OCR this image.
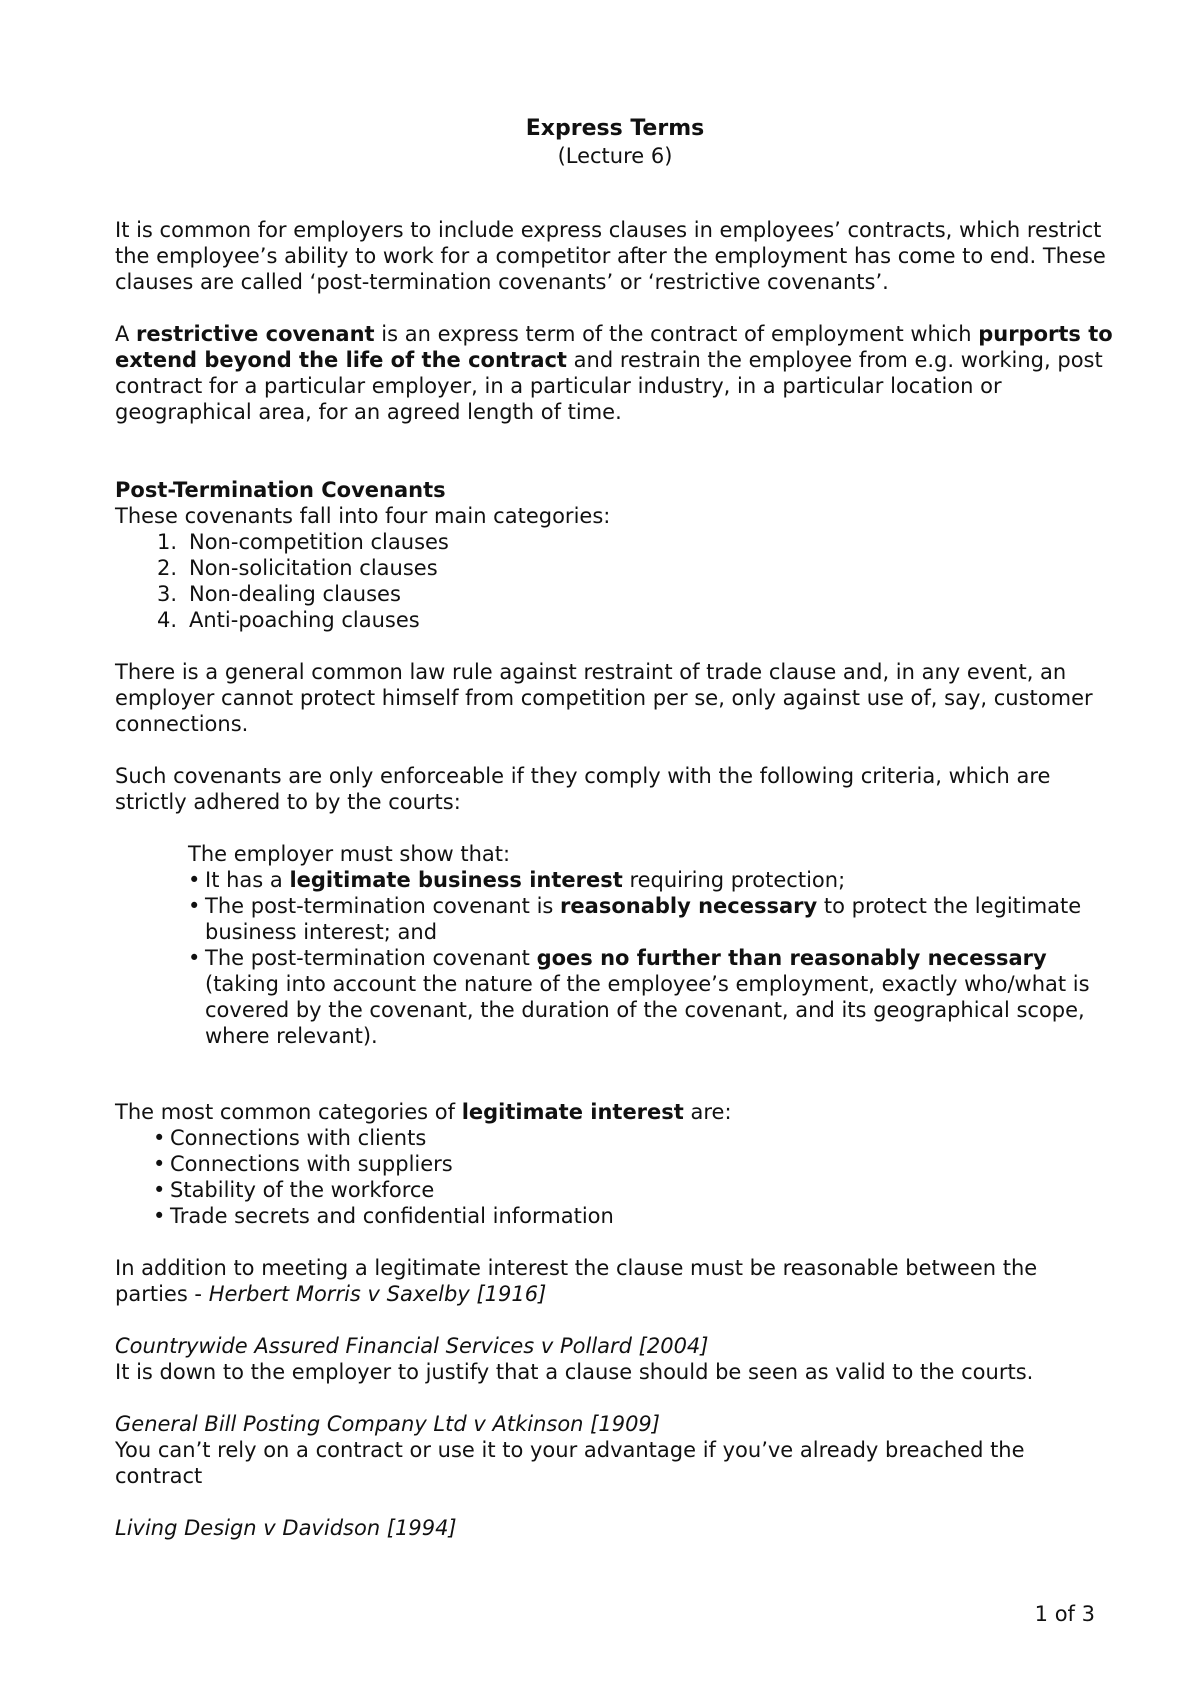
Express Terms

(Lecture 6)

It is common for employers to include express clauses in employees’ contracts, which restrict the employee’s ability to work for a competitor after the employment has come to end. These clauses are called ‘post-termination covenants’ or ‘restrictive covenants’.

A restrictive covenant is an express term of the contract of employment which purports to extend beyond the life of the contract and restrain the employee from e.g. working, post contract for a particular employer, in a particular industry, in a particular location or geographical area, for an agreed length of time.

Post-Termination Covenants

These covenants fall into four main categories:

1. Non-competition clauses
2. Non-solicitation clauses
3. Non-dealing clauses
4. Anti-poaching clauses

There is a general common law rule against restraint of trade clause and, in any event, an employer cannot protect himself from competition per se, only against use of, say, customer connections.

Such covenants are only enforceable if they comply with the following criteria, which are strictly adhered to by the courts:

The employer must show that:

• It has a legitimate business interest requiring protection;
• The post-termination covenant is reasonably necessary to protect the legitimate business interest; and
• The post-termination covenant goes no further than reasonably necessary (taking into account the nature of the employee’s employment, exactly who/what is covered by the covenant, the duration of the covenant, and its geographical scope, where relevant).

The most common categories of legitimate interest are:

• Connections with clients
• Connections with suppliers
• Stability of the workforce
• Trade secrets and confidential information

In addition to meeting a legitimate interest the clause must be reasonable between the parties - Herbert Morris v Saxelby [1916]

Countrywide Assured Financial Services v Pollard [2004]

It is down to the employer to justify that a clause should be seen as valid to the courts.

General Bill Posting Company Ltd v Atkinson [1909]

You can’t rely on a contract or use it to your advantage if you’ve already breached the contract

Living Design v Davidson [1994]

1 of 3
